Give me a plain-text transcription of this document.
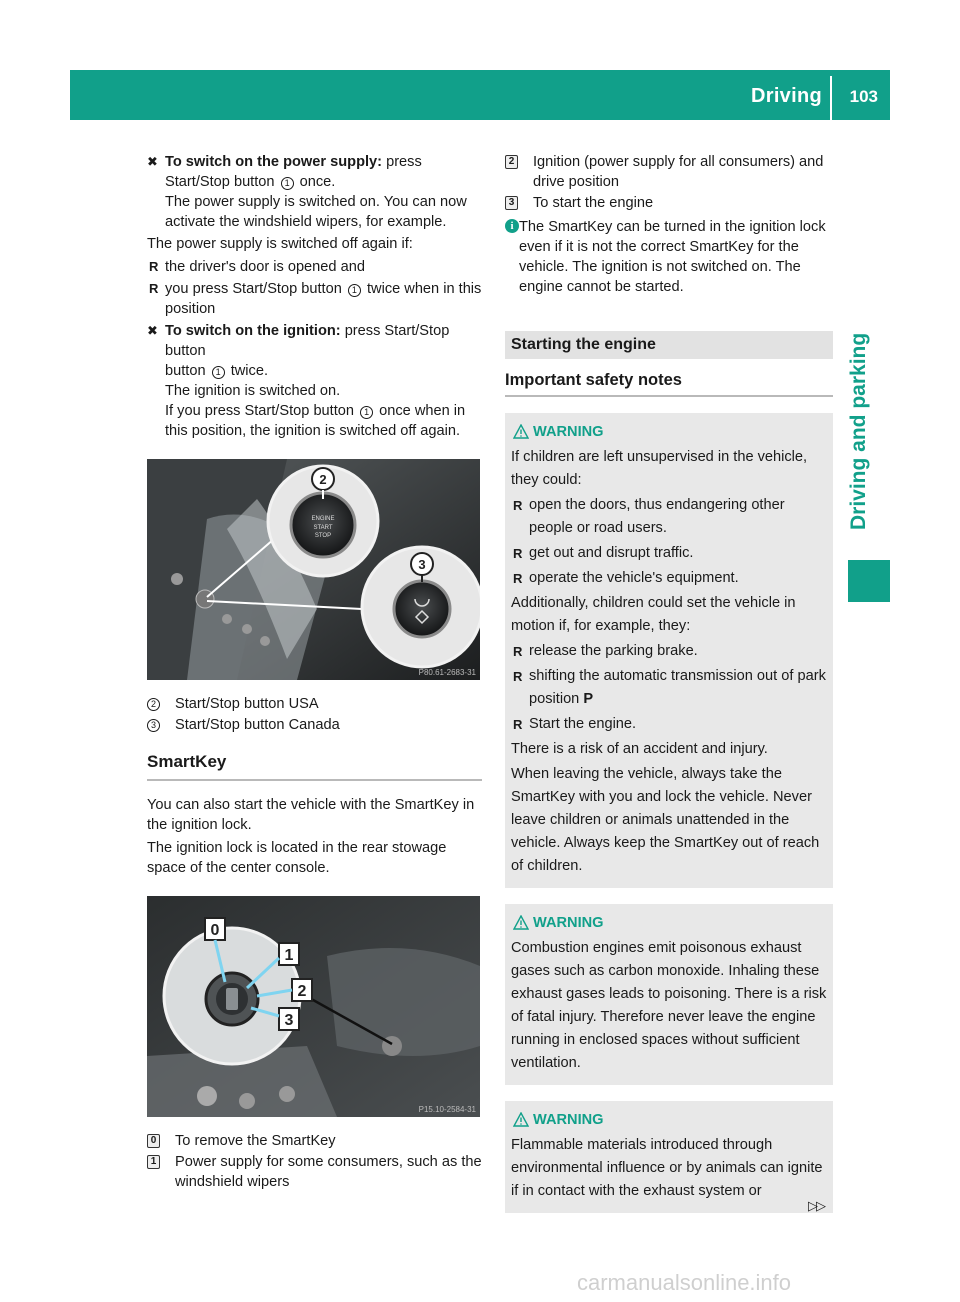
Driving 103
Driving and parking
✖ To switch on the power supply: press Start/Stop button 1 once.
The power supply is switched on. You can now activate the windshield wipers, for example.
The power supply is switched off again if:
R the driver's door is opened and
R you press Start/Stop button 1 twice when in this position
✖ To switch on the ignition: press Start/Stop button
button 1 twice.
The ignition is switched on.
If you press Start/Stop button 1 once when in this position, the ignition is switched off again.
ENGINE
START
STOP
2
3
P80.61-2683-31
2 Start/Stop button USA
3 Start/Stop button Canada
SmartKey
You can also start the vehicle with the SmartKey in the ignition lock.
The ignition lock is located in the rear stowage space of the center console.
0
1
2
3
P15.10-2584-31
0 To remove the SmartKey
1 Power supply for some consumers, such as the windshield wipers
2 Ignition (power supply for all consumers) and drive position
3 To start the engine
i The SmartKey can be turned in the ignition lock even if it is not the correct SmartKey for the vehicle. The ignition is not switched on. The engine cannot be started.
Starting the engine
Important safety notes
WARNING
If children are left unsupervised in the vehicle, they could:
R open the doors, thus endangering other people or road users.
R get out and disrupt traffic.
R operate the vehicle's equipment.
Additionally, children could set the vehicle in motion if, for example, they:
R release the parking brake.
R shifting the automatic transmission out of park position P
R Start the engine.
There is a risk of an accident and injury.
When leaving the vehicle, always take the SmartKey with you and lock the vehicle. Never leave children or animals unattended in the vehicle. Always keep the SmartKey out of reach of children.
WARNING
Combustion engines emit poisonous exhaust gases such as carbon monoxide. Inhaling these exhaust gases leads to poisoning. There is a risk of fatal injury. Therefore never leave the engine running in enclosed spaces without sufficient ventilation.
WARNING
Flammable materials introduced through environmental influence or by animals can ignite if in contact with the exhaust system or
▷▷
carmanualsonline.info
